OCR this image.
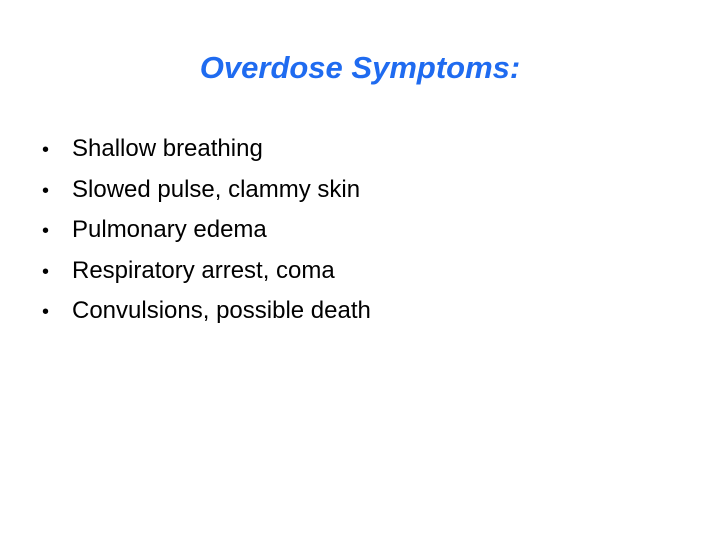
Overdose Symptoms:
• Shallow breathing
• Slowed pulse, clammy skin
• Pulmonary edema
• Respiratory arrest, coma
• Convulsions, possible death
